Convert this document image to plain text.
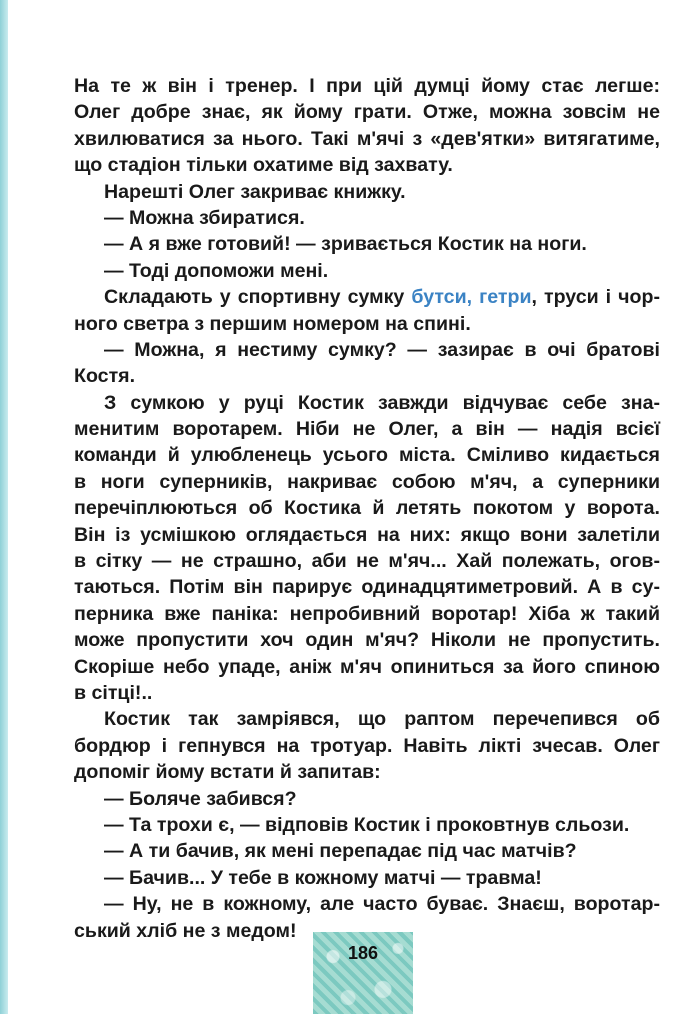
На те ж він і тренер. І при цій думці йому стає легше:
Олег добре знає, як йому грати. Отже, можна зовсім не
хвилюватися за нього. Такі м'ячі з «дев'ятки» витягатиме,
що стадіон тільки охатиме від захвату.
Нарешті Олег закриває книжку.
— Можна збиратися.
— А я вже готовий! — зривається Костик на ноги.
— Тоді допоможи мені.
Складають у спортивну сумку бутси, гетри, труси і чор-
ного светра з першим номером на спині.
— Можна, я нестиму сумку? — зазирає в очі братові
Костя.
З сумкою у руці Костик завжди відчуває себе зна-
менитим воротарем. Ніби не Олег, а він — надія всієї
команди й улюбленець усього міста. Сміливо кидається
в ноги суперників, накриває собою м'яч, а суперники
перечіплюються об Костика й летять покотом у ворота.
Він із усмішкою оглядається на них: якщо вони залетіли
в сітку — не страшно, аби не м'яч... Хай полежать, огов-
таються. Потім він парирує одинадцятиметровий. А в су-
перника вже паніка: непробивний воротар! Хіба ж такий
може пропустити хоч один м'яч? Ніколи не пропустить.
Скоріше небо упаде, аніж м'яч опиниться за його спиною
в сітці!..
Костик так замріявся, що раптом перечепився об
бордюр і гепнувся на тротуар. Навіть лікті зчесав. Олег
допоміг йому встати й запитав:
— Боляче забився?
— Та трохи є, — відповів Костик і проковтнув сльози.
— А ти бачив, як мені перепадає під час матчів?
— Бачив... У тебе в кожному матчі — травма!
— Ну, не в кожному, але часто буває. Знаєш, воротар-
ський хліб не з медом!
186
